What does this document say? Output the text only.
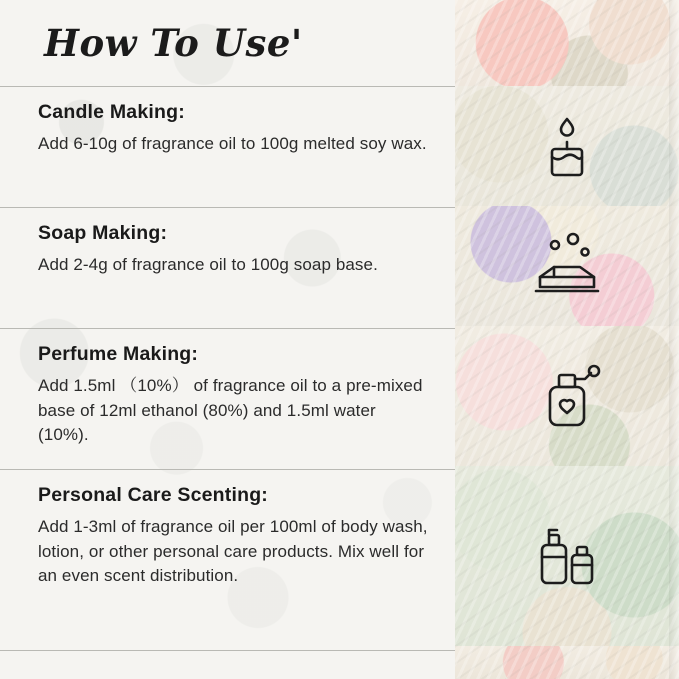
How To Use'

Candle Making:

Add 6-10g of fragrance oil to 100g melted soy wax.

Soap Making:

Add 2-4g of fragrance oil to 100g soap base.

Perfume Making:

Add 1.5ml （10%） of fragrance oil to a pre-mixed base of 12ml ethanol (80%) and 1.5ml water (10%).

Personal Care Scenting:

Add 1-3ml of fragrance oil per 100ml of body wash, lotion, or other personal care products. Mix well for an even scent distribution.
